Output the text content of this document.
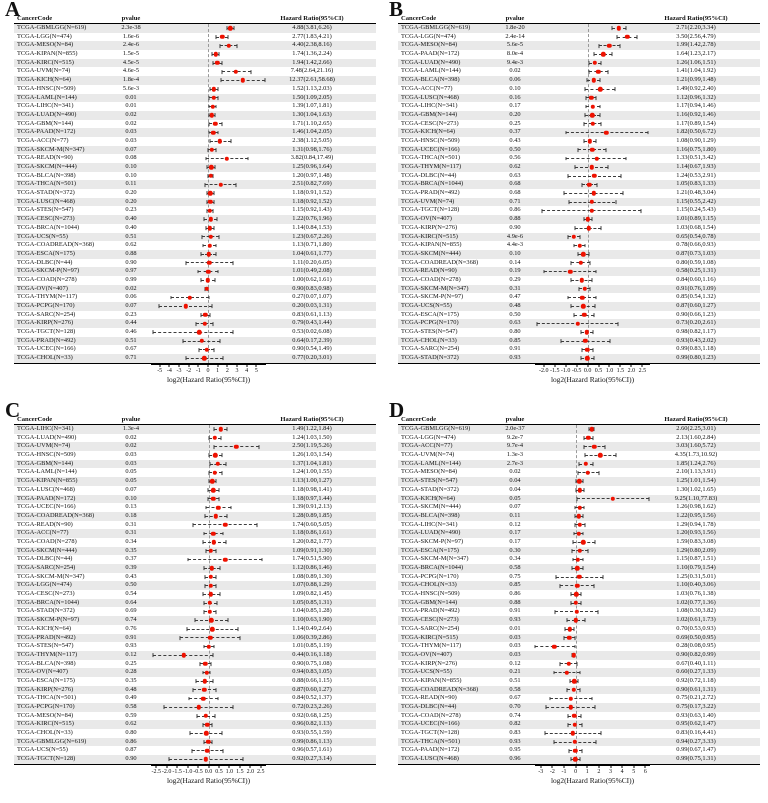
A
CancerCode	pvalue	Hazard Ratio(95%CI)
TCGA-GBMLGG(N=619)	2.3e-38	4.88(3.81,6.26)
TCGA-LGG(N=474)	1.6e-6	2.77(1.83,4.21)
TCGA-MESO(N=84)	2.4e-6	4.40(2.38,8.16)
TCGA-KIPAN(N=855)	1.5e-5	1.74(1.36,2.24)
TCGA-KIRC(N=515)	4.5e-5	1.94(1.42,2.66)
TCGA-UVM(N=74)	4.6e-5	7.48(2.64,21.16)
TCGA-KICH(N=64)	1.8e-4	12.37(2.61,58.68)
TCGA-HNSC(N=509)	5.6e-3	1.52(1.13,2.03)
TCGA-LAML(N=144)	0.01	1.50(1.09,2.05)
TCGA-LIHC(N=341)	0.01	1.39(1.07,1.81)
TCGA-LUAD(N=490)	0.02	1.30(1.04,1.63)
TCGA-GBM(N=144)	0.02	1.71(1.10,2.65)
TCGA-PAAD(N=172)	0.03	1.46(1.04,2.05)
TCGA-ACC(N=77)	0.03	2.38(1.12,5.05)
TCGA-SKCM-M(N=347)	0.07	1.31(0.98,1.76)
TCGA-READ(N=90)	0.08	3.82(0.84,17.49)
TCGA-SKCM(N=444)	0.10	1.25(0.96,1.64)
TCGA-BLCA(N=398)	0.10	1.20(0.97,1.48)
TCGA-THCA(N=501)	0.11	2.51(0.82,7.69)
TCGA-STAD(N=372)	0.20	1.18(0.91,1.52)
TCGA-LUSC(N=468)	0.20	1.18(0.92,1.52)
TCGA-STES(N=547)	0.23	1.15(0.92,1.43)
TCGA-CESC(N=273)	0.40	1.22(0.76,1.96)
TCGA-BRCA(N=1044)	0.40	1.14(0.84,1.53)
TCGA-UCS(N=55)	0.51	1.23(0.67,2.26)
TCGA-COADREAD(N=368)	0.62	1.13(0.71,1.80)
TCGA-ESCA(N=175)	0.88	1.04(0.61,1.77)
TCGA-DLBC(N=44)	0.90	1.11(0.20,6.05)
TCGA-SKCM-P(N=97)	0.97	1.01(0.49,2.08)
TCGA-COAD(N=278)	0.99	1.00(0.62,1.61)
TCGA-OV(N=407)	0.02	0.90(0.83,0.98)
TCGA-THYM(N=117)	0.06	0.27(0.07,1.07)
TCGA-PCPG(N=170)	0.07	0.20(0.03,1.31)
TCGA-SARC(N=254)	0.23	0.83(0.61,1.13)
TCGA-KIRP(N=276)	0.44	0.79(0.43,1.44)
TCGA-TGCT(N=128)	0.46	0.53(0.02,6.08)
TCGA-PRAD(N=492)	0.51	0.64(0.17,2.39)
TCGA-UCEC(N=166)	0.67	0.90(0.54,1.49)
TCGA-CHOL(N=33)	0.71	0.77(0.20,3.01)
-5 -4 -3 -2 -1 0 1 2 3 4 5
log2(Hazard Ratio(95%CI))
B
CancerCode	pvalue	Hazard Ratio(95%CI)
TCGA-GBMLGG(N=619)	1.8e-20	2.71(2.20,3.34)
TCGA-LGG(N=474)	2.4e-14	3.50(2.56,4.79)
TCGA-MESO(N=84)	5.6e-5	1.99(1.42,2.78)
TCGA-PAAD(N=172)	8.0e-4	1.64(1.23,2.17)
TCGA-LUAD(N=490)	9.4e-3	1.26(1.06,1.51)
TCGA-LAML(N=144)	0.02	1.41(1.04,1.92)
TCGA-BLCA(N=398)	0.06	1.21(0.99,1.48)
TCGA-ACC(N=77)	0.10	1.49(0.92,2.40)
TCGA-LUSC(N=468)	0.16	1.12(0.96,1.32)
TCGA-LIHC(N=341)	0.17	1.17(0.94,1.46)
TCGA-GBM(N=144)	0.20	1.16(0.92,1.46)
TCGA-CESC(N=273)	0.25	1.17(0.89,1.54)
TCGA-KICH(N=64)	0.37	1.82(0.50,6.72)
TCGA-HNSC(N=509)	0.43	1.08(0.90,1.29)
TCGA-UCEC(N=166)	0.50	1.16(0.75,1.80)
TCGA-THCA(N=501)	0.56	1.33(0.51,3.42)
TCGA-THYM(N=117)	0.62	1.14(0.67,1.93)
TCGA-DLBC(N=44)	0.63	1.24(0.53,2.91)
TCGA-BRCA(N=1044)	0.68	1.05(0.83,1.33)
TCGA-PRAD(N=492)	0.68	1.21(0.48,3.04)
TCGA-UVM(N=74)	0.71	1.15(0.55,2.42)
TCGA-TGCT(N=128)	0.86	1.15(0.24,5.43)
TCGA-OV(N=407)	0.88	1.01(0.89,1.15)
TCGA-KIRP(N=276)	0.90	1.03(0.68,1.54)
TCGA-KIRC(N=515)	4.9e-6	0.65(0.54,0.78)
TCGA-KIPAN(N=855)	4.4e-3	0.78(0.66,0.93)
TCGA-SKCM(N=444)	0.10	0.87(0.73,1.03)
TCGA-COADREAD(N=368)	0.14	0.80(0.59,1.08)
TCGA-READ(N=90)	0.19	0.58(0.25,1.31)
TCGA-COAD(N=278)	0.29	0.84(0.60,1.16)
TCGA-SKCM-M(N=347)	0.31	0.91(0.76,1.09)
TCGA-SKCM-P(N=97)	0.47	0.85(0.54,1.32)
TCGA-UCS(N=55)	0.48	0.87(0.60,1.27)
TCGA-ESCA(N=175)	0.50	0.90(0.66,1.23)
TCGA-PCPG(N=170)	0.63	0.73(0.20,2.61)
TCGA-STES(N=547)	0.80	0.98(0.82,1.17)
TCGA-CHOL(N=33)	0.85	0.93(0.43,2.02)
TCGA-SARC(N=254)	0.91	0.99(0.83,1.18)
TCGA-STAD(N=372)	0.93	0.99(0.80,1.23)
-2.0 -1.5 -1.0 -0.5 0.0 0.5 1.0 1.5 2.0 2.5
log2(Hazard Ratio(95%CI))
C
CancerCode	pvalue	Hazard Ratio(95%CI)
TCGA-LIHC(N=341)	1.3e-4	1.49(1.22,1.84)
TCGA-LUAD(N=490)	0.02	1.24(1.03,1.50)
TCGA-UVM(N=74)	0.02	2.50(1.19,5.26)
TCGA-HNSC(N=509)	0.03	1.26(1.03,1.54)
TCGA-GBM(N=144)	0.03	1.37(1.04,1.81)
TCGA-LAML(N=144)	0.05	1.24(1.00,1.55)
TCGA-KIPAN(N=855)	0.05	1.13(1.00,1.27)
TCGA-LUSC(N=468)	0.07	1.18(0.98,1.41)
TCGA-PAAD(N=172)	0.10	1.18(0.97,1.44)
TCGA-UCEC(N=166)	0.13	1.39(0.91,2.13)
TCGA-COADREAD(N=368)	0.18	1.28(0.89,1.85)
TCGA-READ(N=90)	0.31	1.74(0.60,5.05)
TCGA-ACC(N=77)	0.31	1.18(0.86,1.61)
TCGA-COAD(N=278)	0.34	1.20(0.82,1.77)
TCGA-SKCM(N=444)	0.35	1.09(0.91,1.30)
TCGA-DLBC(N=44)	0.37	1.74(0.51,5.90)
TCGA-SARC(N=254)	0.39	1.12(0.86,1.46)
TCGA-SKCM-M(N=347)	0.43	1.08(0.89,1.30)
TCGA-LGG(N=474)	0.50	1.07(0.88,1.29)
TCGA-CESC(N=273)	0.54	1.09(0.82,1.45)
TCGA-BRCA(N=1044)	0.64	1.05(0.85,1.31)
TCGA-STAD(N=372)	0.69	1.04(0.85,1.28)
TCGA-SKCM-P(N=97)	0.74	1.10(0.63,1.90)
TCGA-KICH(N=64)	0.76	1.14(0.49,2.64)
TCGA-PRAD(N=492)	0.91	1.06(0.39,2.86)
TCGA-STES(N=547)	0.93	1.01(0.85,1.19)
TCGA-THYM(N=117)	0.12	0.44(0.16,1.18)
TCGA-BLCA(N=398)	0.25	0.90(0.75,1.08)
TCGA-OV(N=407)	0.28	0.94(0.83,1.05)
TCGA-ESCA(N=175)	0.35	0.88(0.66,1.15)
TCGA-KIRP(N=276)	0.48	0.87(0.60,1.27)
TCGA-THCA(N=501)	0.49	0.84(0.52,1.37)
TCGA-PCPG(N=170)	0.58	0.72(0.23,2.26)
TCGA-MESO(N=84)	0.59	0.92(0.68,1.25)
TCGA-KIRC(N=515)	0.62	0.96(0.82,1.13)
TCGA-CHOL(N=33)	0.80	0.93(0.55,1.59)
TCGA-GBMLGG(N=619)	0.86	0.99(0.86,1.13)
TCGA-UCS(N=55)	0.87	0.96(0.57,1.61)
TCGA-TGCT(N=128)	0.90	0.92(0.27,3.14)
-2.5 -2.0 -1.5 -1.0 -0.5 0.0 0.5 1.0 1.5 2.0 2.5
log2(Hazard Ratio(95%CI))
D
CancerCode	pvalue	Hazard Ratio(95%CI)
TCGA-GBMLGG(N=619)	2.0e-37	2.60(2.25,3.01)
TCGA-LGG(N=474)	9.2e-7	2.13(1.60,2.84)
TCGA-ACC(N=77)	9.7e-4	3.03(1.60,5.72)
TCGA-UVM(N=74)	1.3e-3	4.35(1.73,10.92)
TCGA-LAML(N=144)	2.7e-3	1.85(1.24,2.76)
TCGA-MESO(N=84)	0.02	2.10(1.13,3.91)
TCGA-STES(N=547)	0.04	1.25(1.01,1.54)
TCGA-STAD(N=372)	0.04	1.30(1.02,1.65)
TCGA-KICH(N=64)	0.05	9.25(1.10,77.83)
TCGA-SKCM(N=444)	0.07	1.26(0.98,1.62)
TCGA-BLCA(N=398)	0.11	1.22(0.95,1.56)
TCGA-LIHC(N=341)	0.12	1.29(0.94,1.78)
TCGA-LUAD(N=490)	0.17	1.20(0.93,1.56)
TCGA-SKCM-P(N=97)	0.17	1.59(0.83,3.08)
TCGA-ESCA(N=175)	0.30	1.29(0.80,2.09)
TCGA-SKCM-M(N=347)	0.34	1.15(0.87,1.51)
TCGA-BRCA(N=1044)	0.58	1.10(0.79,1.54)
TCGA-PCPG(N=170)	0.75	1.25(0.31,5.01)
TCGA-CHOL(N=33)	0.85	1.10(0.40,3.06)
TCGA-HNSC(N=509)	0.86	1.03(0.76,1.38)
TCGA-GBM(N=144)	0.88	1.02(0.77,1.36)
TCGA-PRAD(N=492)	0.91	1.08(0.30,3.82)
TCGA-CESC(N=273)	0.93	1.02(0.61,1.73)
TCGA-SARC(N=254)	0.01	0.70(0.53,0.93)
TCGA-KIRC(N=515)	0.03	0.69(0.50,0.95)
TCGA-THYM(N=117)	0.03	0.28(0.08,0.95)
TCGA-OV(N=407)	0.03	0.90(0.82,0.99)
TCGA-KIRP(N=276)	0.12	0.67(0.40,1.11)
TCGA-UCS(N=55)	0.21	0.60(0.27,1.33)
TCGA-KIPAN(N=855)	0.51	0.92(0.72,1.18)
TCGA-COADREAD(N=368)	0.58	0.90(0.61,1.31)
TCGA-READ(N=90)	0.67	0.75(0.21,2.72)
TCGA-DLBC(N=44)	0.70	0.75(0.17,3.22)
TCGA-COAD(N=278)	0.74	0.93(0.63,1.40)
TCGA-UCEC(N=166)	0.82	0.95(0.62,1.47)
TCGA-TGCT(N=128)	0.83	0.83(0.16,4.41)
TCGA-THCA(N=501)	0.93	0.94(0.27,3.33)
TCGA-PAAD(N=172)	0.95	0.99(0.67,1.47)
TCGA-LUSC(N=468)	0.96	0.99(0.75,1.31)
-3 -2 -1 0 1 2 3 4 5 6
log2(Hazard Ratio(95%CI))
